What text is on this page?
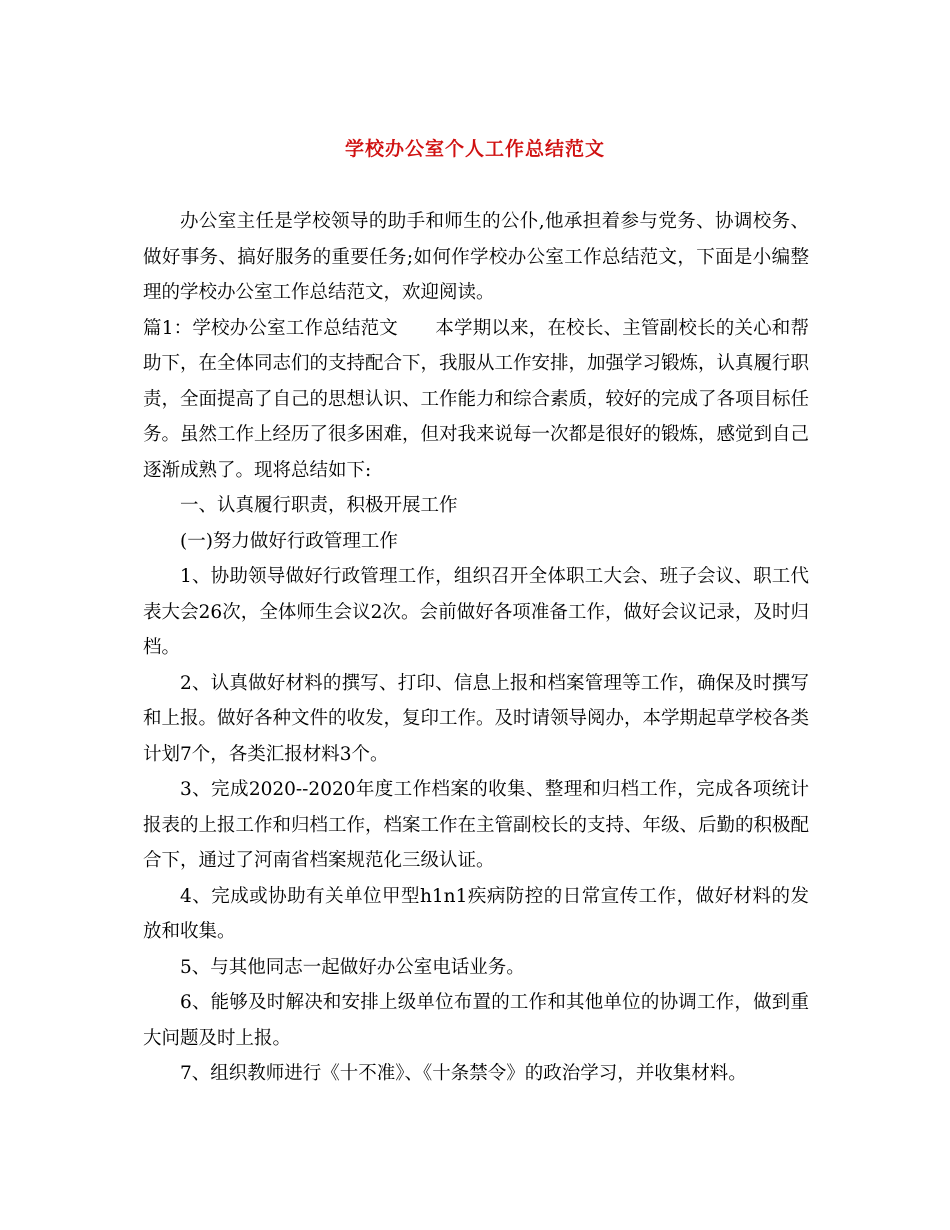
学校办公室个人工作总结范文

办公室主任是学校领导的助手和师生的公仆,他承担着参与党务、协调校务、做好事务、搞好服务的重要任务;如何作学校办公室工作总结范文，下面是小编整理的学校办公室工作总结范文，欢迎阅读。

篇1：学校办公室工作总结范文　　本学期以来，在校长、主管副校长的关心和帮助下，在全体同志们的支持配合下，我服从工作安排，加强学习锻炼，认真履行职责，全面提高了自己的思想认识、工作能力和综合素质，较好的完成了各项目标任务。虽然工作上经历了很多困难，但对我来说每一次都是很好的锻炼，感觉到自己逐渐成熟了。现将总结如下:

一、认真履行职责，积极开展工作

(一)努力做好行政管理工作

1、协助领导做好行政管理工作，组织召开全体职工大会、班子会议、职工代表大会26次，全体师生会议2次。会前做好各项准备工作，做好会议记录，及时归档。

2、认真做好材料的撰写、打印、信息上报和档案管理等工作，确保及时撰写和上报。做好各种文件的收发，复印工作。及时请领导阅办，本学期起草学校各类计划7个，各类汇报材料3个。

3、完成2020--2020年度工作档案的收集、整理和归档工作，完成各项统计报表的上报工作和归档工作，档案工作在主管副校长的支持、年级、后勤的积极配合下，通过了河南省档案规范化三级认证。

4、完成或协助有关单位甲型h1n1疾病防控的日常宣传工作，做好材料的发放和收集。

5、与其他同志一起做好办公室电话业务。

6、能够及时解决和安排上级单位布置的工作和其他单位的协调工作，做到重大问题及时上报。

7、组织教师进行《十不准》、《十条禁令》的政治学习，并收集材料。
